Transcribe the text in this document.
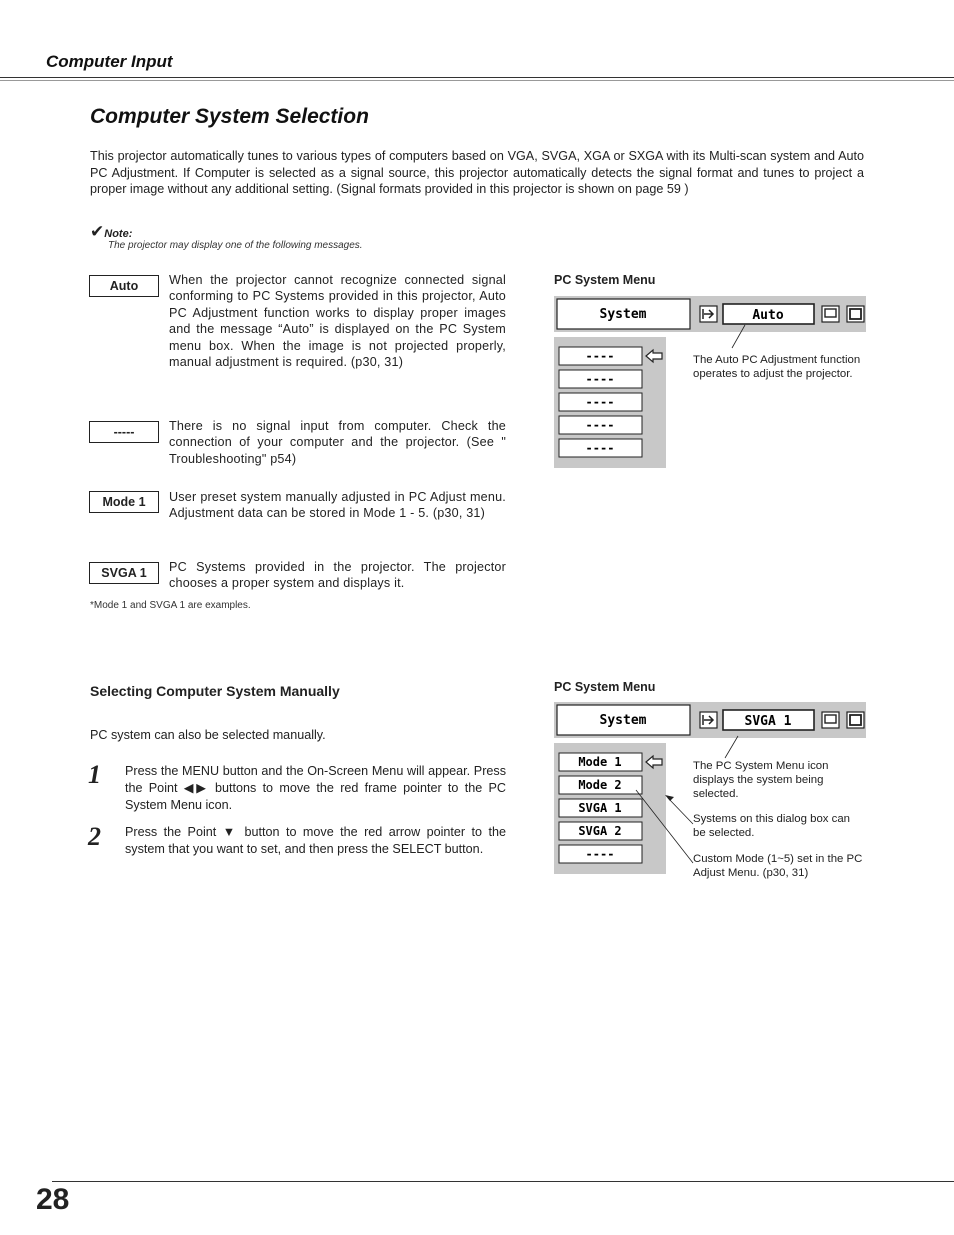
Computer Input
Computer System Selection
This projector automatically tunes to various types of computers based on VGA, SVGA, XGA or SXGA with its Multi-scan system and Auto PC Adjustment. If Computer is selected as a signal source, this projector automatically detects the signal format and tunes to project a proper image without any additional setting. (Signal formats provided in this projector is shown on page 59 )
✔Note:
The projector may display one of the following messages.
Auto	When the projector cannot recognize connected signal conforming to PC Systems provided in this projector, Auto PC Adjustment function works to display proper images and the message “Auto” is displayed on the PC System menu box. When the image is not projected properly, manual adjustment is required. (p30, 31)
-----	There is no signal input from computer. Check the connection of your computer and the projector. (See " Troubleshooting" p54)
Mode 1	User preset system manually adjusted in PC Adjust menu. Adjustment data can be stored in Mode 1 - 5. (p30, 31)
SVGA 1	PC Systems provided in the projector. The projector chooses a proper system and displays it.
*Mode 1 and SVGA 1 are examples.
PC System Menu
System	Auto
----
----
----
----
----
The Auto PC Adjustment function operates to adjust the projector.
Selecting Computer System Manually
PC system can also be selected manually.
1 Press the MENU button and the On-Screen Menu will appear. Press the Point ◀▶ buttons to move the red frame pointer to the PC System Menu icon.
2 Press the Point ▼ button to move the red arrow pointer to the system that you want to set, and then press the SELECT button.
PC System Menu
System	SVGA 1
Mode 1
Mode 2
SVGA 1
SVGA 2
----
The PC System Menu icon displays the system being selected.
Systems on this dialog box can be selected.
Custom Mode (1~5) set in the PC Adjust Menu. (p30, 31)
28
